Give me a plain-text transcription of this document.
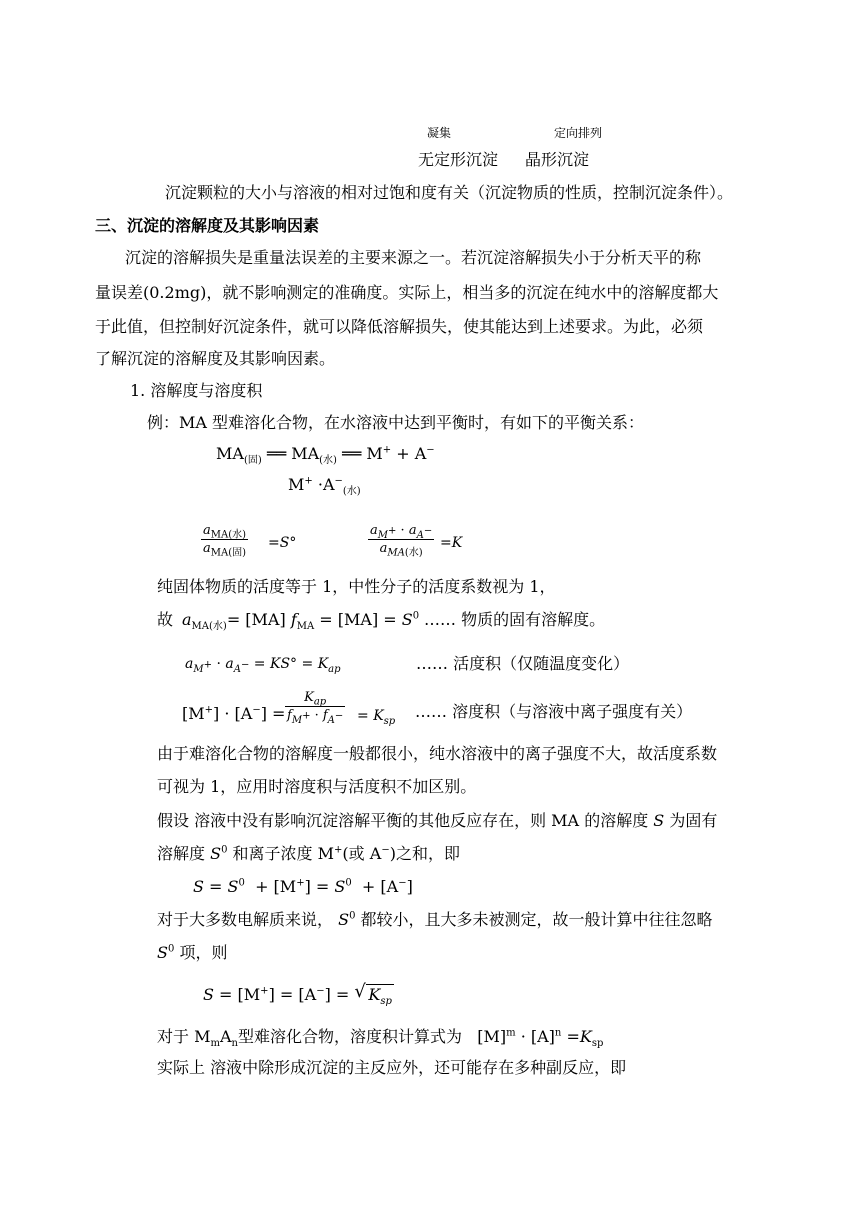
凝集	定向排列
无定形沉淀 晶形沉淀
沉淀颗粒的大小与溶液的相对过饱和度有关（沉淀物质的性质，控制沉淀条件）。
三、沉淀的溶解度及其影响因素
沉淀的溶解损失是重量法误差的主要来源之一。若沉淀溶解损失小于分析天平的称
量误差(0.2mg)，就不影响测定的准确度。实际上，相当多的沉淀在纯水中的溶解度都大
于此值，但控制好沉淀条件，就可以降低溶解损失，使其能达到上述要求。为此，必须
了解沉淀的溶解度及其影响因素。
1. 溶解度与溶度积
例：MA 型难溶化合物，在水溶液中达到平衡时，有如下的平衡关系：
$MA_{(固)}$ ══ $MA_{(水)}$ ══ M+ + A−
$M^+ \cdot A^-_{(水)}$
$a_{MA(水)}$
$a_{MA(固)}$
=S°
$a_{M^+} \cdot a_{A^-}$
$a_{MA(水)}$
=K
纯固体物质的活度等于 1，中性分子的活度系数视为 1，
故 $a_{MA(水)}= [MA] f_{MA} = [MA] = S^0$ …… 物质的固有溶解度。
$a_{M^+} \cdot a_{A^-} = KS^\circ = K_{ap}$	…… 活度积（仅随温度变化）
[M+] · [A−] =
$K_{ap}$
$f_{M^+} \cdot f_{A^-} = K_{sp}$
…… 溶度积（与溶液中离子强度有关）
由于难溶化合物的溶解度一般都很小，纯水溶液中的离子强度不大，故活度系数
可视为 1，应用时溶度积与活度积不加区别。
假设 溶液中没有影响沉淀溶解平衡的其他反应存在，则 MA 的溶解度 S 为固有
溶解度 $S^0$ 和离子浓度 M+(或 A−)之和，即
$S = S^0 + [M^+] = S^0 + [A^-]$
对于大多数电解质来说， $S^0$ 都较小，且大多未被测定，故一般计算中往往忽略
$S^0$ 项，则
S = [M+] = [A−] = √ $K_{sp}$
对于 $M_mA_n$型难溶化合物，溶度积计算式为   $[M]^m \cdot [A]^n =K_{sp}$
实际上 溶液中除形成沉淀的主反应外，还可能存在多种副反应，即
